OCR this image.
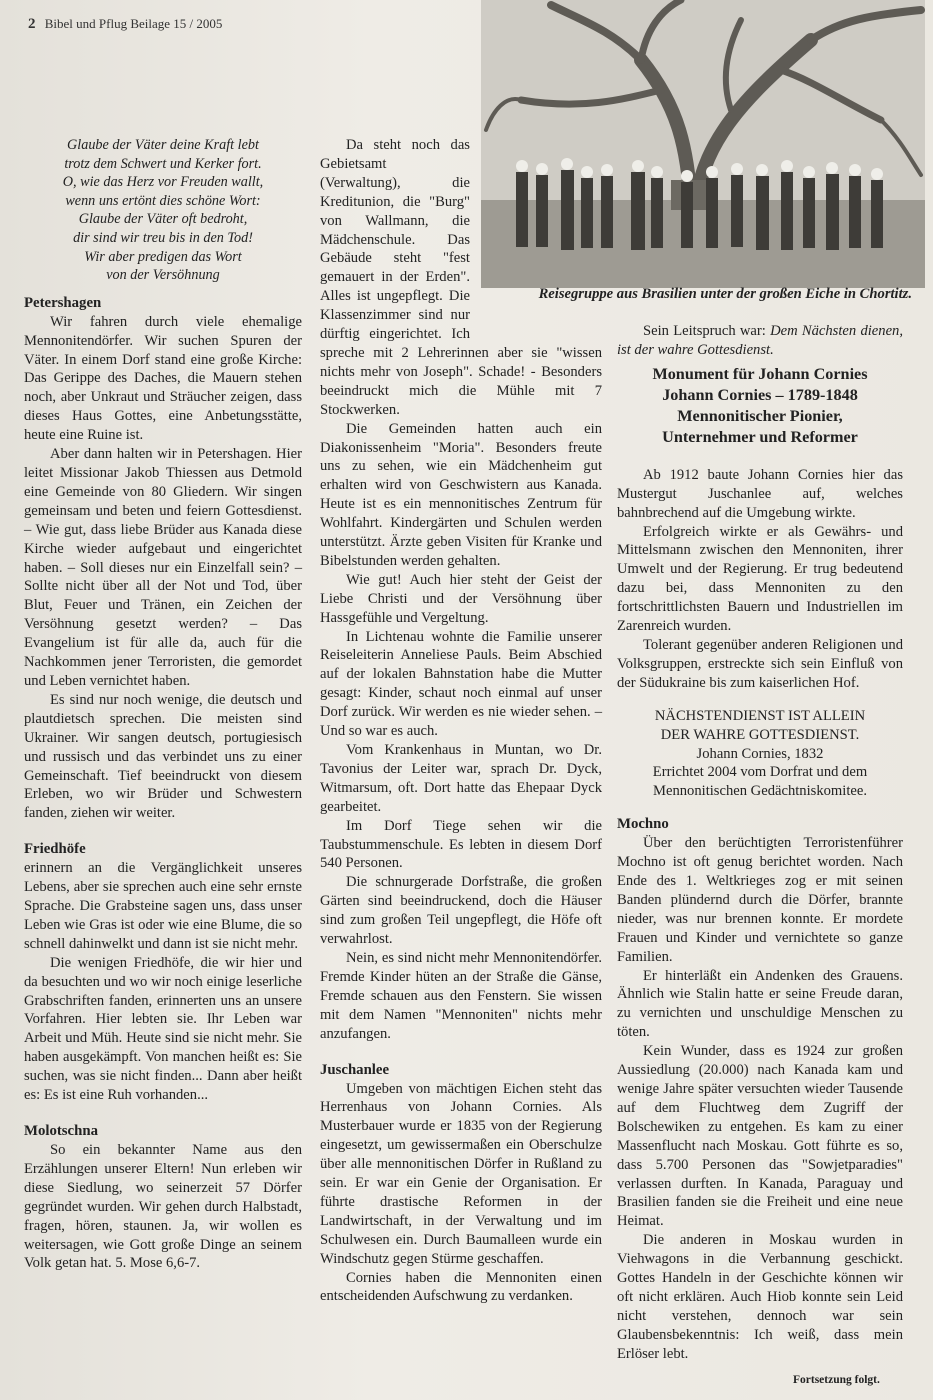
2 Bibel und Pflug Beilage 15 / 2005
Reisegruppe aus Brasilien unter der großen Eiche in Chortitz.
Glaube der Väter deine Kraft lebt
trotz dem Schwert und Kerker fort.
O, wie das Herz vor Freuden wallt,
wenn uns ertönt dies schöne Wort:
Glaube der Väter oft bedroht,
dir sind wir treu bis in den Tod!
Wir aber predigen das Wort
von der Versöhnung
Petershagen

Wir fahren durch viele ehemalige Mennonitendörfer. Wir suchen Spuren der Väter. In einem Dorf stand eine große Kirche: Das Gerippe des Daches, die Mauern stehen noch, aber Unkraut und Sträucher zeigen, dass dieses Haus Gottes, eine Anbetungsstätte, heute eine Ruine ist.

Aber dann halten wir in Petershagen. Hier leitet Missionar Jakob Thiessen aus Detmold eine Gemeinde von 80 Gliedern. Wir singen gemeinsam und beten und feiern Gottesdienst. – Wie gut, dass liebe Brüder aus Kanada diese Kirche wieder aufgebaut und eingerichtet haben. – Soll dieses nur ein Einzelfall sein? – Sollte nicht über all der Not und Tod, über Blut, Feuer und Tränen, ein Zeichen der Versöhnung gesetzt werden? – Das Evangelium ist für alle da, auch für die Nachkommen jener Terroristen, die gemordet und Leben vernichtet haben.

Es sind nur noch wenige, die deutsch und plautdietsch sprechen. Die meisten sind Ukrainer. Wir sangen deutsch, portugiesisch und russisch und das verbindet uns zu einer Gemeinschaft. Tief beeindruckt von diesem Erleben, wo wir Brüder und Schwestern fanden, ziehen wir weiter.

Friedhöfe

erinnern an die Vergänglichkeit unseres Lebens, aber sie sprechen auch eine sehr ernste Sprache. Die Grabsteine sagen uns, dass unser Leben wie Gras ist oder wie eine Blume, die so schnell dahinwelkt und dann ist sie nicht mehr.

Die wenigen Friedhöfe, die wir hier und da besuchten und wo wir noch einige leserliche Grabschriften fanden, erinnerten uns an unsere Vorfahren. Hier lebten sie. Ihr Leben war Arbeit und Müh. Heute sind sie nicht mehr. Sie haben ausgekämpft. Von manchen heißt es: Sie suchen, was sie nicht finden... Dann aber heißt es: Es ist eine Ruh vorhanden...

Molotschna

So ein bekannter Name aus den Erzählungen unserer Eltern! Nun erleben wir diese Siedlung, wo seinerzeit 57 Dörfer gegründet wurden. Wir gehen durch Halbstadt, fragen, hören, staunen. Ja, wir wollen es weitersagen, wie Gott große Dinge an seinem Volk getan hat. 5. Mose 6,6-7.

Da steht noch das Gebietsamt (Verwaltung), die Kreditunion, die "Burg" von Wallmann, die Mädchenschule. Das Gebäude steht "fest gemauert in der Erden". Alles ist ungepflegt. Die Klassenzimmer sind nur dürftig eingerichtet. Ich spreche mit 2 Lehrerinnen aber sie "wissen nichts mehr von Joseph". Schade! - Besonders beeindruckt mich die Mühle mit 7 Stockwerken.

Die Gemeinden hatten auch ein Diakonissenheim "Moria". Besonders freute uns zu sehen, wie ein Mädchenheim gut erhalten wird von Geschwistern aus Kanada. Heute ist es ein mennonitisches Zentrum für Wohlfahrt. Kindergärten und Schulen werden unterstützt. Ärzte geben Visiten für Kranke und Bibelstunden werden gehalten.

Wie gut! Auch hier steht der Geist der Liebe Christi und der Versöhnung über Hassgefühle und Vergeltung.

In Lichtenau wohnte die Familie unserer Reiseleiterin Anneliese Pauls. Beim Abschied auf der lokalen Bahnstation habe die Mutter gesagt: Kinder, schaut noch einmal auf unser Dorf zurück. Wir werden es nie wieder sehen. – Und so war es auch.

Vom Krankenhaus in Muntan, wo Dr. Tavonius der Leiter war, sprach Dr. Dyck, Witmarsum, oft. Dort hatte das Ehepaar Dyck gearbeitet.

Im Dorf Tiege sehen wir die Taubstummenschule. Es lebten in diesem Dorf 540 Personen.

Die schnurgerade Dorfstraße, die großen Gärten sind beeindruckend, doch die Häuser sind zum großen Teil ungepflegt, die Höfe oft verwahrlost.

Nein, es sind nicht mehr Mennonitendörfer. Fremde Kinder hüten an der Straße die Gänse, Fremde schauen aus den Fenstern. Sie wissen mit dem Namen "Mennoniten" nichts mehr anzufangen.

Juschanlee

Umgeben von mächtigen Eichen steht das Herrenhaus von Johann Cornies. Als Musterbauer wurde er 1835 von der Regierung eingesetzt, um gewissermaßen ein Oberschulze über alle mennonitischen Dörfer in Rußland zu sein. Er war ein Genie der Organisation. Er führte drastische Reformen in der Landwirtschaft, in der Verwaltung und im Schulwesen ein. Durch Baumalleen wurde ein Windschutz gegen Stürme geschaffen.

Cornies haben die Mennoniten einen entscheidenden Aufschwung zu verdanken.

Sein Leitspruch war: Dem Nächsten dienen, ist der wahre Gottesdienst.

Monument für Johann Cornies
Johann Cornies – 1789-1848
Mennonitischer Pionier,
Unternehmer und Reformer

Ab 1912 baute Johann Cornies hier das Mustergut Juschanlee auf, welches bahnbrechend auf die Umgebung wirkte.

Erfolgreich wirkte er als Gewährs- und Mittelsmann zwischen den Mennoniten, ihrer Umwelt und der Regierung. Er trug bedeutend dazu bei, dass Mennoniten zu den fortschrittlichsten Bauern und Industriellen im Zarenreich wurden.

Tolerant gegenüber anderen Religionen und Volksgruppen, erstreckte sich sein Einfluß von der Südukraine bis zum kaiserlichen Hof.

NÄCHSTENDIENST IST ALLEIN
DER WAHRE GOTTESDIENST.
Johann Cornies, 1832
Errichtet 2004 vom Dorfrat und dem
Mennonitischen Gedächtniskomitee.
Mochno

Über den berüchtigten Terroristenführer Mochno ist oft genug berichtet worden. Nach Ende des 1. Weltkrieges zog er mit seinen Banden plündernd durch die Dörfer, brannte nieder, was nur brennen konnte. Er mordete Frauen und Kinder und vernichtete so ganze Familien.

Er hinterläßt ein Andenken des Grauens. Ähnlich wie Stalin hatte er seine Freude daran, zu vernichten und unschuldige Menschen zu töten.

Kein Wunder, dass es 1924 zur großen Aussiedlung (20.000) nach Kanada kam und wenige Jahre später versuchten wieder Tausende auf dem Fluchtweg dem Zugriff der Bolschewiken zu entgehen. Es kam zu einer Massenflucht nach Moskau. Gott führte es so, dass 5.700 Personen das "Sowjetparadies" verlassen durften. In Kanada, Paraguay und Brasilien fanden sie die Freiheit und eine neue Heimat.

Die anderen in Moskau wurden in Viehwagons in die Verbannung geschickt. Gottes Handeln in der Geschichte können wir oft nicht erklären. Auch Hiob konnte sein Leid nicht verstehen, dennoch war sein Glaubensbekenntnis: Ich weiß, dass mein Erlöser lebt.

Fortsetzung folgt.
